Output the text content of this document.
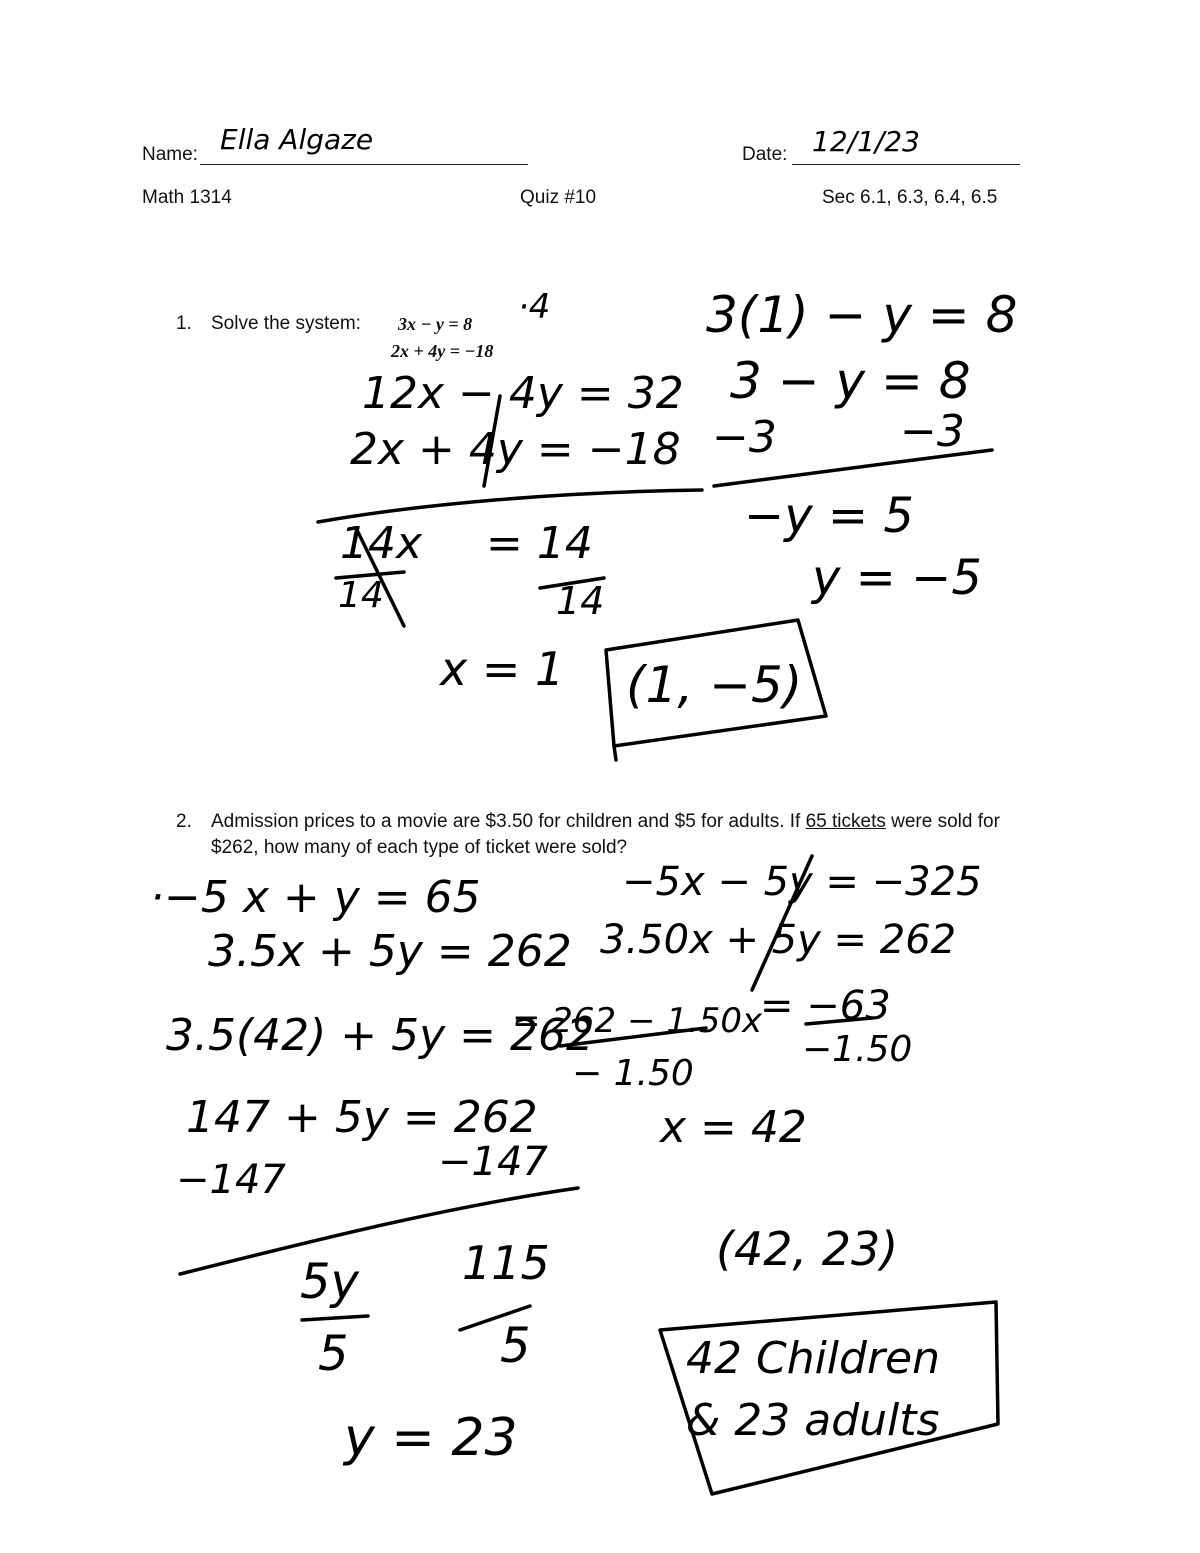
Name: Ella Algaze	Date: 12/1/23
Math 1314	Quiz #10	Sec 6.1, 6.3, 6.4, 6.5
1. Solve the system: 3x − y = 8
2x + 4y = −18
·4
12x − 4y = 32
2x + 4y = −18
14x
14
= 14
14
x = 1
3(1) − y = 8
3 − y = 8
−3	−3
−y = 5
y = −5
(1, −5)
2. Admission prices to a movie are $3.50 for children and $5 for adults. If 65 tickets were sold for $262, how many of each type of ticket were sold?
·−5 x + y = 65
3.5x + 5y = 262
3.5(42) + 5y = 262
147 + 5y = 262
−147
−147
5y
5
115
5
y = 23
−5x − 5y = −325
3.50x + 5y = 262
= 262 − 1.50x
− 1.50
= −63
−1.50
x = 42
(42, 23)
42 Children & 23 adults
